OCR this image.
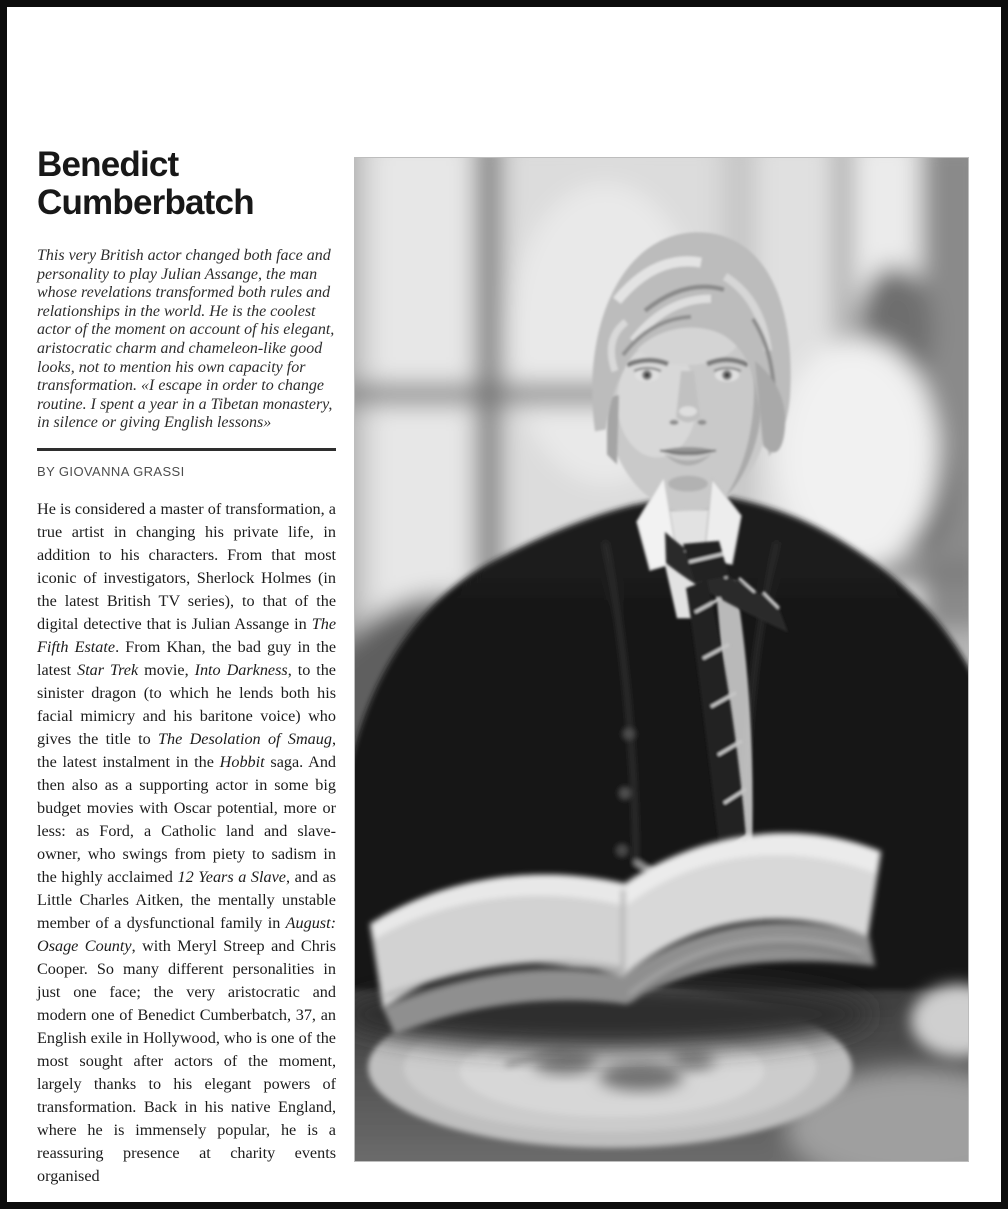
Benedict
Cumberbatch

This very British actor changed both face and personality to play Julian Assange, the man whose revelations transformed both rules and relationships in the world. He is the coolest actor of the moment on account of his elegant, aristocratic charm and chameleon-like good looks, not to mention his own capacity for transformation. «I escape in order to change routine. I spent a year in a Tibetan monastery, in silence or giving English lessons»

BY GIOVANNA GRASSI
He is considered a master of transformation, a true artist in changing his private life, in addition to his characters. From that most iconic of investigators, Sherlock Holmes (in the latest British TV series), to that of the digital detective that is Julian Assange in The Fifth Estate. From Khan, the bad guy in the latest Star Trek movie, Into Darkness, to the sinister dragon (to which he lends both his facial mimicry and his baritone voice) who gives the title to The Desolation of Smaug, the latest instalment in the Hobbit saga. And then also as a supporting actor in some big budget movies with Oscar potential, more or less: as Ford, a Catholic land and slave-owner, who swings from piety to sadism in the highly acclaimed 12 Years a Slave, and as Little Charles Aitken, the mentally unstable member of a dysfunctional family in August: Osage County, with Meryl Streep and Chris Cooper. So many different personalities in just one face; the very aristocratic and modern one of Benedict Cumberbatch, 37, an English exile in Hollywood, who is one of the most sought after actors of the moment, largely thanks to his elegant powers of transformation. Back in his native England, where he is immensely popular, he is a reassuring presence at charity events organised
